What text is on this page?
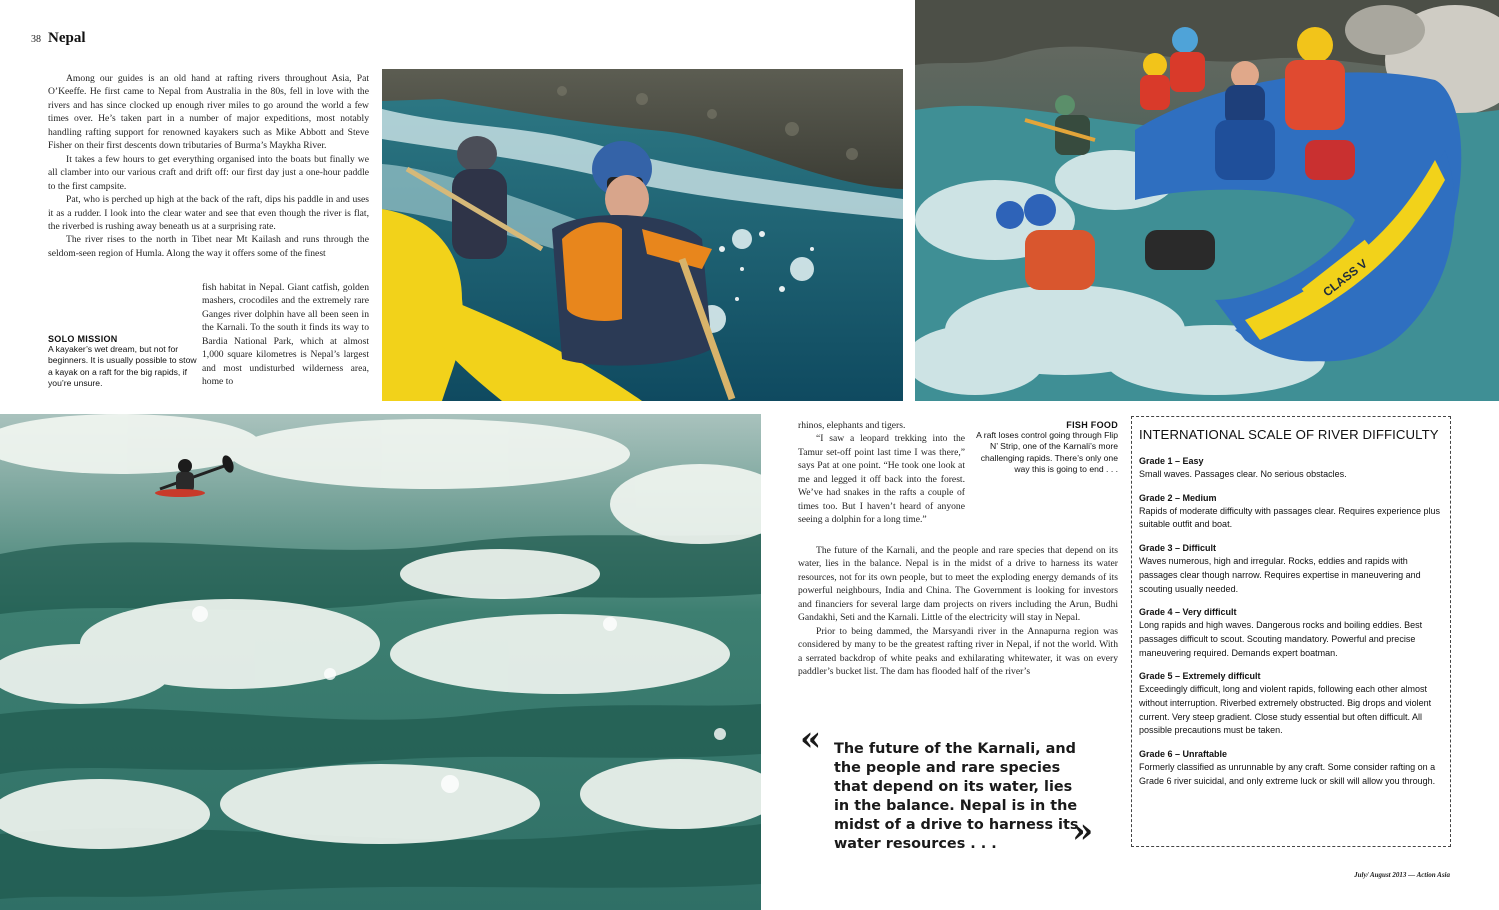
38 Nepal
CLASS V

Among our guides is an old hand at rafting rivers throughout Asia, Pat O’Keeffe. He first came to Nepal from Australia in the 80s, fell in love with the rivers and has since clocked up enough river miles to go around the world a few times over. He’s taken part in a number of major expeditions, most notably handling rafting support for renowned kayakers such as Mike Abbott and Steve Fisher on their first descents down tributaries of Burma’s Maykha River.

It takes a few hours to get everything organised into the boats but finally we all clamber into our various craft and drift off: our first day just a one-hour paddle to the first campsite.

Pat, who is perched up high at the back of the raft, dips his paddle in and uses it as a rudder. I look into the clear water and see that even though the river is flat, the riverbed is rushing away beneath us at a surprising rate.

The river rises to the north in Tibet near Mt Kailash and runs through the seldom-seen region of Humla. Along the way it offers some of the finest

fish habitat in Nepal. Giant catfish, golden mashers, crocodiles and the extremely rare Ganges river dolphin have all been seen in the Karnali. To the south it finds its way to Bardia National Park, which at almost 1,000 square kilometres is Nepal’s largest and most undisturbed wilderness area, home to

SOLO MISSION
A kayaker’s wet dream, but not for beginners. It is usually possible to stow a kayak on a raft for the big rapids, if you’re unsure.

rhinos, elephants and tigers.

“I saw a leopard trekking into the Tamur set-off point last time I was there,” says Pat at one point. “He took one look at me and legged it off back into the forest. We’ve had snakes in the rafts a couple of times too. But I haven’t heard of anyone seeing a dolphin for a long time.”

The future of the Karnali, and the people and rare species that depend on its water, lies in the balance. Nepal is in the midst of a drive to harness its water resources, not for its own people, but to meet the exploding energy demands of its powerful neighbours, India and China. The Government is looking for investors and financiers for several large dam projects on rivers including the Arun, Budhi Gandakhi, Seti and the Karnali. Little of the electricity will stay in Nepal.

Prior to being dammed, the Marsyandi river in the Annapurna region was considered by many to be the greatest rafting river in Nepal, if not the world. With a serrated backdrop of white peaks and exhilarating whitewater, it was on every paddler’s bucket list. The dam has flooded half of the river’s

FISH FOOD
A raft loses control going through Flip N’ Strip, one of the Karnali’s more challenging rapids. There’s only one way this is going to end . . .
« The future of the Karnali, and the people and rare species that depend on its water, lies in the balance. Nepal is in the midst of a drive to harness its water resources . . .	»
INTERNATIONAL SCALE OF RIVER DIFFICULTY
Grade 1 – Easy
Small waves. Passages clear. No serious obstacles.
Grade 2 – Medium
Rapids of moderate difficulty with passages clear. Requires experience plus suitable outfit and boat.
Grade 3 – Difficult
Waves numerous, high and irregular. Rocks, eddies and rapids with passages clear though narrow. Requires expertise in maneuvering and scouting usually needed.
Grade 4 – Very difficult
Long rapids and high waves. Dangerous rocks and boiling eddies. Best passages difficult to scout. Scouting mandatory. Powerful and precise maneuvering required. Demands expert boatman.
Grade 5 – Extremely difficult
Exceedingly difficult, long and violent rapids, following each other almost without interruption. Riverbed extremely obstructed. Big drops and violent current. Very steep gradient. Close study essential but often difficult. All possible precautions must be taken.
Grade 6 – Unraftable
Formerly classified as unrunnable by any craft. Some consider rafting on a Grade 6 river suicidal, and only extreme luck or skill will allow you through.
July/ August 2013 — Action Asia
